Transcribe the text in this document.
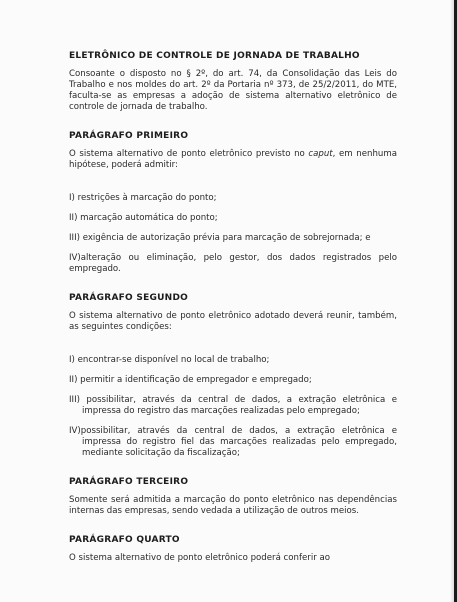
ELETRÔNICO DE CONTROLE DE JORNADA DE TRABALHO

Consoante o disposto no § 2º, do art. 74, da Consolidação das Leis do Trabalho e nos moldes do art. 2º da Portaria nº 373, de 25/2/2011, do MTE, faculta-se as empresas a adoção de sistema alternativo eletrônico de controle de jornada de trabalho.

PARÁGRAFO PRIMEIRO

O sistema alternativo de ponto eletrônico previsto no caput, em nenhuma hipótese, poderá admitir:

I) restrições à marcação do ponto;

II) marcação automática do ponto;

III) exigência de autorização prévia para marcação de sobrejornada; e

IV)alteração ou eliminação, pelo gestor, dos dados registrados pelo empregado.

PARÁGRAFO SEGUNDO

O sistema alternativo de ponto eletrônico adotado deverá reunir, também, as seguintes condições:

I) encontrar-se disponível no local de trabalho;

II) permitir a identificação de empregador e empregado;

III) possibilitar, através da central de dados, a extração eletrônica e impressa do registro das marcações realizadas pelo empregado;

IV)possibilitar, através da central de dados, a extração eletrônica e impressa do registro fiel das marcações realizadas pelo empregado, mediante solicitação da fiscalização;

PARÁGRAFO TERCEIRO

Somente será admitida a marcação do ponto eletrônico nas dependências internas das empresas, sendo vedada a utilização de outros meios.

PARÁGRAFO QUARTO

O sistema alternativo de ponto eletrônico poderá conferir ao
